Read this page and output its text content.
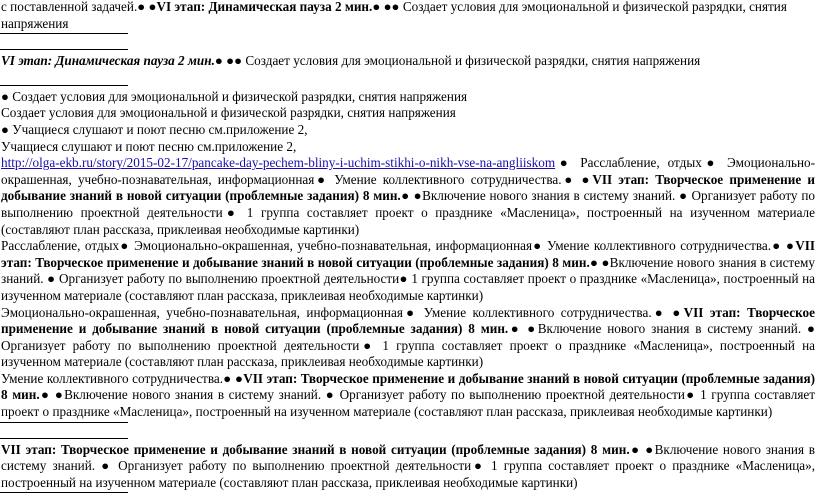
с поставленной задачей.● ●VI этап: Динамическая пауза 2 мин.● ●● Создает условия для эмоциональной и физической разрядки, снятия
напряжения
VI этап: Динамическая пауза 2 мин.● ●● Создает условия для эмоциональной и физической разрядки, снятия напряжения
● Создает условия для эмоциональной и физической разрядки, снятия напряжения
Создает условия для эмоциональной и физической разрядки, снятия напряжения
● Учащиеся слушают и поют песню см.приложение 2,
Учащиеся слушают и поют песню см.приложение 2,
http://olga-ekb.ru/story/2015-02-17/pancake-day-pechem-bliny-i-uchim-stikhi-o-nikh-vse-na-angliiskom● Расслабление, отдых● Эмоционально-окрашенная, учебно-познавательная, информационная● Умение коллективного сотрудничества.● ●VII этап: Творческое применение и добывание знаний в новой ситуации (проблемные задания) 8 мин.● ●Включение нового знания в систему знаний. ● Организует работу по выполнению проектной деятельности● 1 группа составляет проект о празднике «Масленица», построенный на изученном материале (составляют план рассказа, приклеивая необходимые картинки)
Расслабление, отдых● Эмоционально-окрашенная, учебно-познавательная, информационная● Умение коллективного сотрудничества.● ●VII этап: Творческое применение и добывание знаний в новой ситуации (проблемные задания) 8 мин.● ●Включение нового знания в систему знаний. ● Организует работу по выполнению проектной деятельности● 1 группа составляет проект о празднике «Масленица», построенный на изученном материале (составляют план рассказа, приклеивая необходимые картинки)
Эмоционально-окрашенная, учебно-познавательная, информационная● Умение коллективного сотрудничества.● ●VII этап: Творческое применение и добывание знаний в новой ситуации (проблемные задания) 8 мин.● ●Включение нового знания в систему знаний. ● Организует работу по выполнению проектной деятельности● 1 группа составляет проект о празднике «Масленица», построенный на изученном материале (составляют план рассказа, приклеивая необходимые картинки)
Умение коллективного сотрудничества.● ●VII этап: Творческое применение и добывание знаний в новой ситуации (проблемные задания) 8 мин.● ●Включение нового знания в систему знаний. ● Организует работу по выполнению проектной деятельности● 1 группа составляет проект о празднике «Масленица», построенный на изученном материале (составляют план рассказа, приклеивая необходимые картинки)
VII этап: Творческое применение и добывание знаний в новой ситуации (проблемные задания) 8 мин.● ●Включение нового знания в систему знаний. ● Организует работу по выполнению проектной деятельности● 1 группа составляет проект о празднике «Масленица», построенный на изученном материале (составляют план рассказа, приклеивая необходимые картинки)
